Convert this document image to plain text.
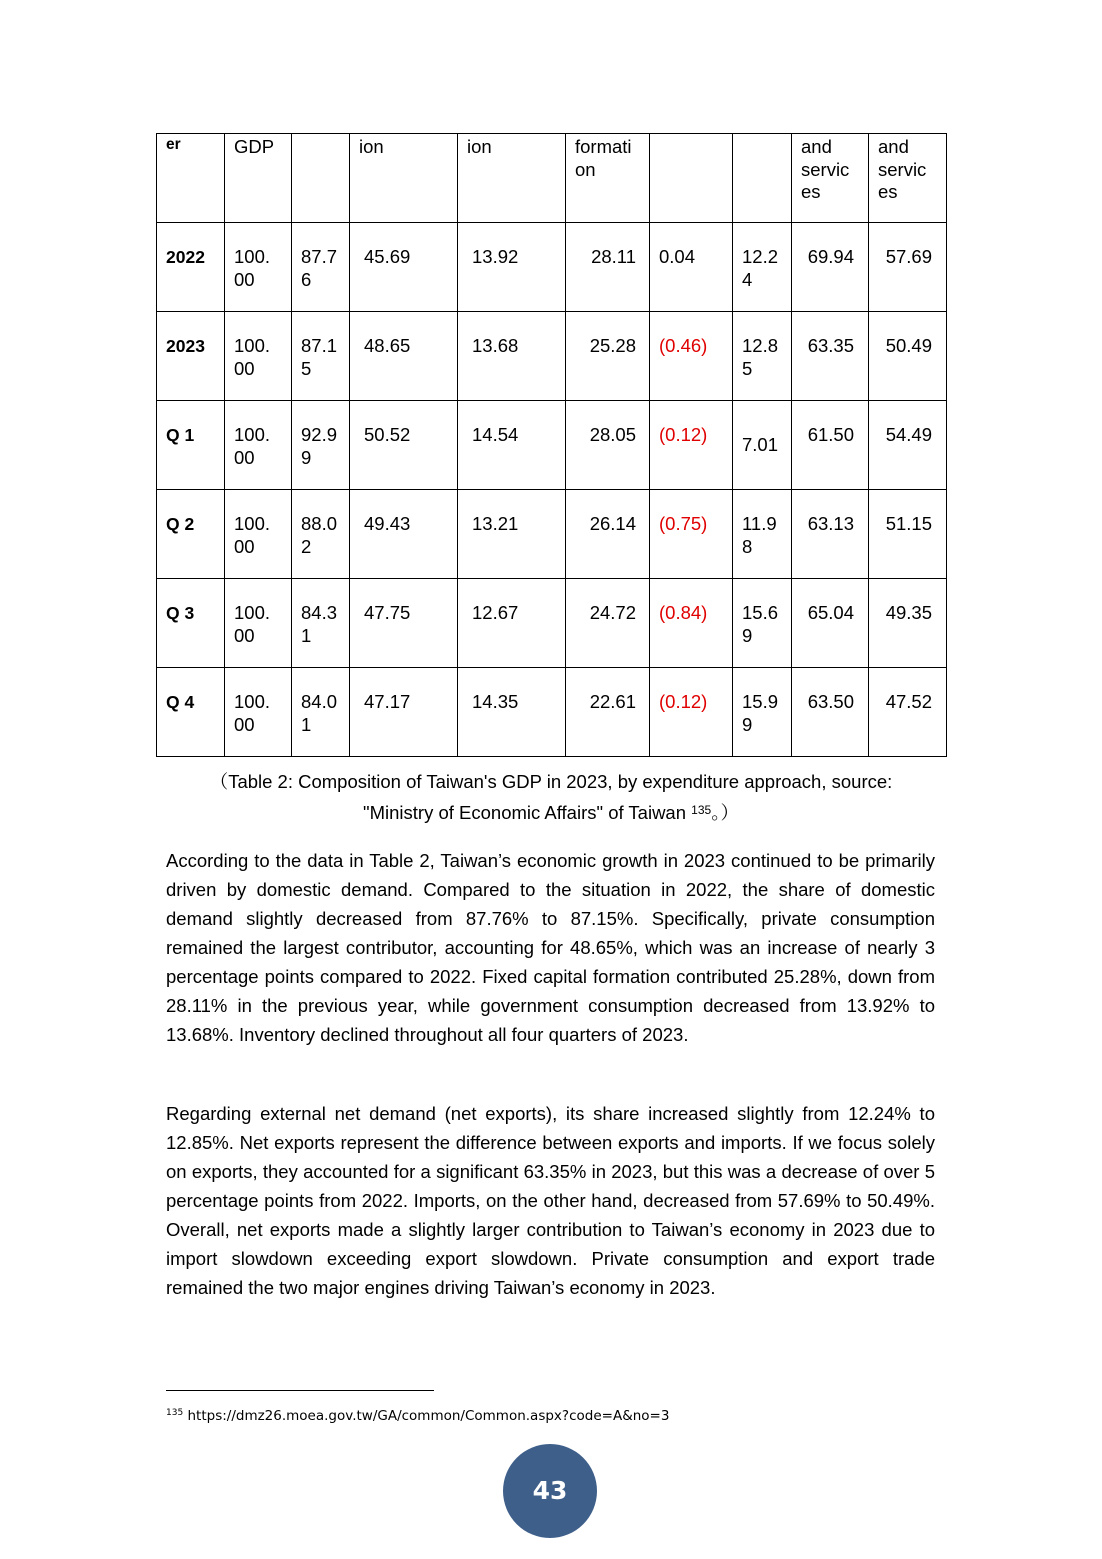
er	GDP		ion	ion	formati on			and servic es	and servic es

2022	100. 00	87.7 6	45.69	13.92	28.11	0.04	12.2 4	69.94	57.69

2023	100. 00	87.1 5	48.65	13.68	25.28	(0.46)	12.8 5	63.35	50.49

Q 1	100. 00	92.9 9	50.52	14.54	28.05	(0.12)	7.01	61.50	54.49

Q 2	100. 00	88.0 2	49.43	13.21	26.14	(0.75)	11.9 8	63.13	51.15

Q 3	100. 00	84.3 1	47.75	12.67	24.72	(0.84)	15.6 9	65.04	49.35

Q 4	100. 00	84.0 1	47.17	14.35	22.61	(0.12)	15.9 9	63.50	47.52
（Table 2: Composition of Taiwan's GDP in 2023, by expenditure approach, source:
"Ministry of Economic Affairs" of Taiwan $^{135}$。）

According to the data in Table 2, Taiwan’s economic growth in 2023 continued to be primarily driven by domestic demand. Compared to the situation in 2022, the share of domestic demand slightly decreased from 87.76% to 87.15%. Specifically, private consumption remained the largest contributor, accounting for 48.65%, which was an increase of nearly 3 percentage points compared to 2022. Fixed capital formation contributed 25.28%, down from 28.11% in the previous year, while government consumption decreased from 13.92% to 13.68%. Inventory declined throughout all four quarters of 2023.

Regarding external net demand (net exports), its share increased slightly from 12.24% to 12.85%. Net exports represent the difference between exports and imports. If we focus solely on exports, they accounted for a significant 63.35% in 2023, but this was a decrease of over 5 percentage points from 2022. Imports, on the other hand, decreased from 57.69% to 50.49%. Overall, net exports made a slightly larger contribution to Taiwan’s economy in 2023 due to import slowdown exceeding export slowdown. Private consumption and export trade remained the two major engines driving Taiwan’s economy in 2023.

$^{135}$ https://dmz26.moea.gov.tw/GA/common/Common.aspx?code=A&no=3
43
